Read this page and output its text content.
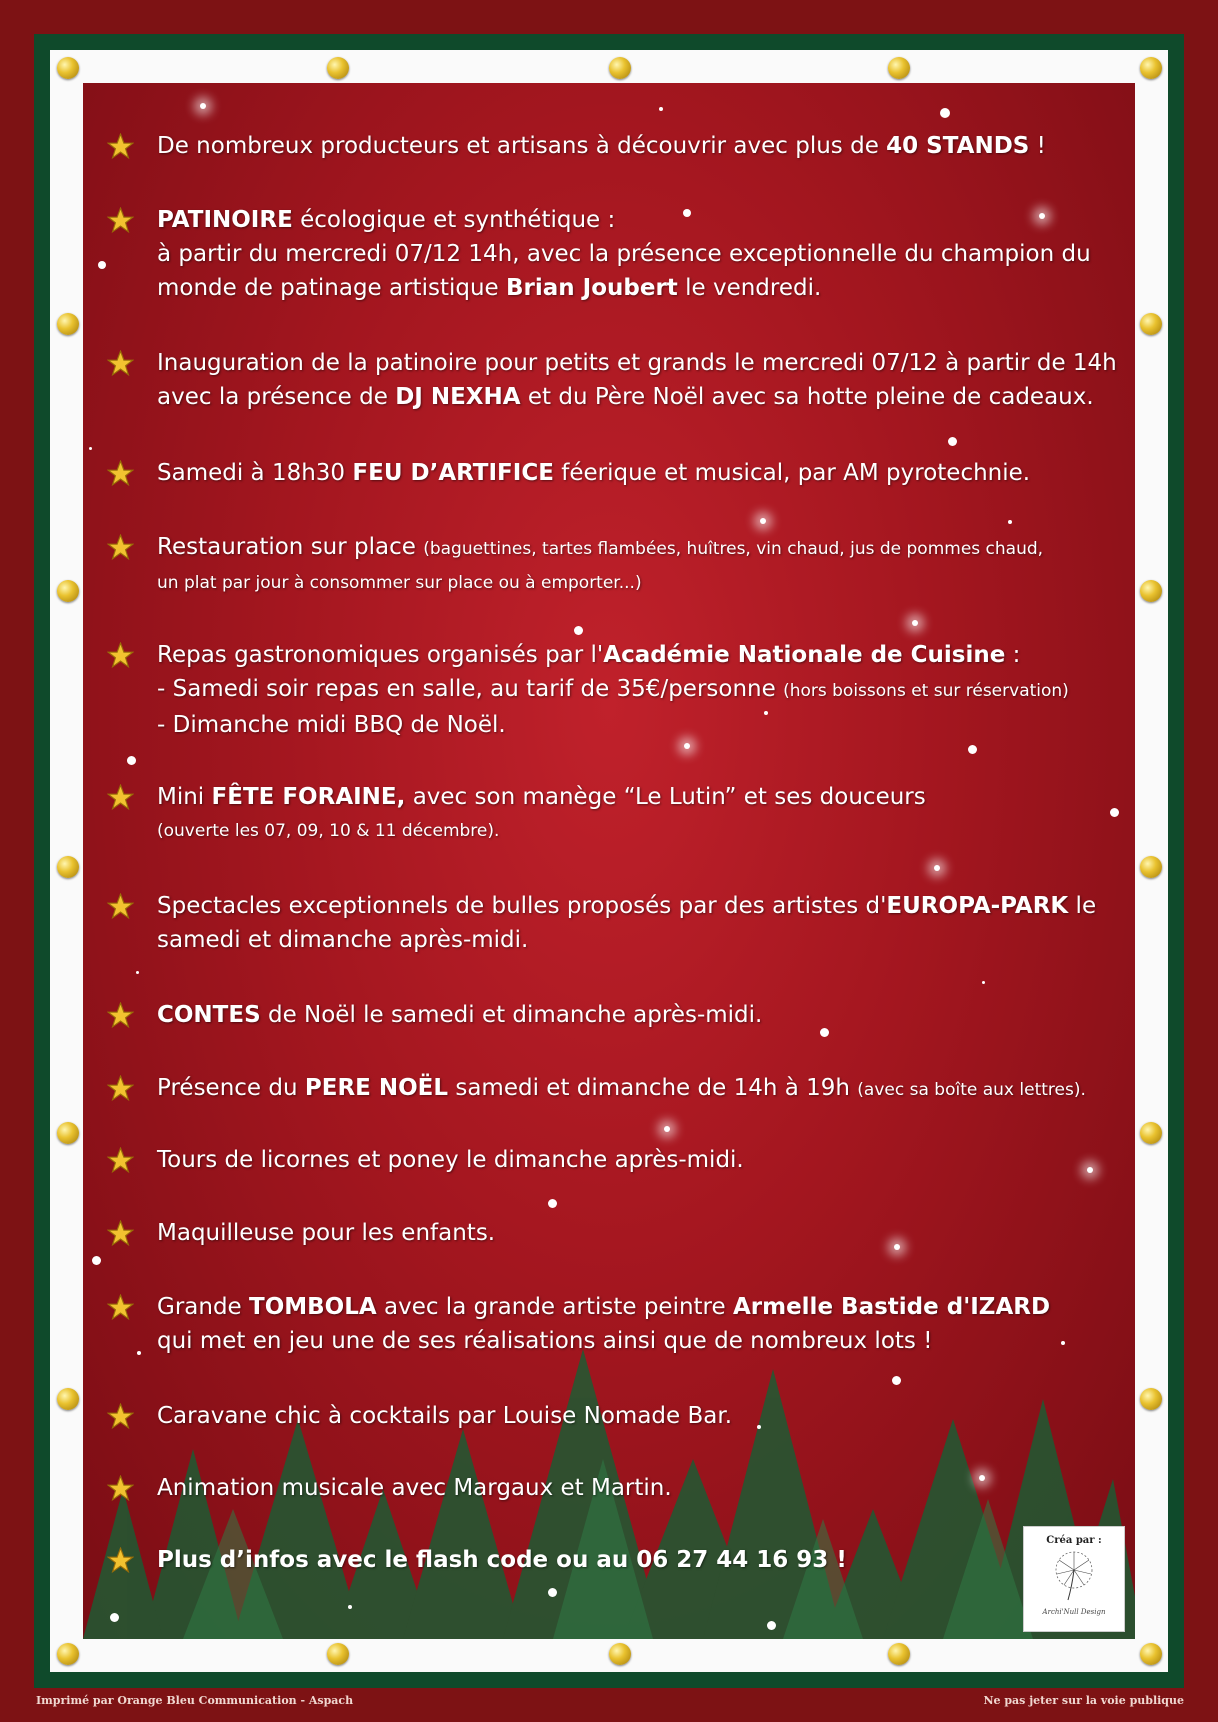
De nombreux producteurs et artisans à découvrir avec plus de 40 STANDS !
PATINOIRE écologique et synthétique :
à partir du mercredi 07/12 14h, avec la présence exceptionnelle du champion du
monde de patinage artistique Brian Joubert le vendredi.
Inauguration de la patinoire pour petits et grands le mercredi 07/12 à partir de 14h
avec la présence de DJ NEXHA et du Père Noël avec sa hotte pleine de cadeaux.
Samedi à 18h30 FEU D’ARTIFICE féerique et musical, par AM pyrotechnie.
Restauration sur place (baguettines, tartes flambées, huîtres, vin chaud, jus de pommes chaud,
un plat par jour à consommer sur place ou à emporter...)
Repas gastronomiques organisés par l'Académie Nationale de Cuisine :
- Samedi soir repas en salle, au tarif de 35€/personne (hors boissons et sur réservation)
- Dimanche midi BBQ de Noël.
Mini FÊTE FORAINE, avec son manège “Le Lutin” et ses douceurs
(ouverte les 07, 09, 10 & 11 décembre).
Spectacles exceptionnels de bulles proposés par des artistes d'EUROPA-PARK le
samedi et dimanche après-midi.
CONTES de Noël le samedi et dimanche après-midi.
Présence du PERE NOËL samedi et dimanche de 14h à 19h (avec sa boîte aux lettres).
Tours de licornes et poney le dimanche après-midi.
Maquilleuse pour les enfants.
Grande TOMBOLA avec la grande artiste peintre Armelle Bastide d'IZARD
qui met en jeu une de ses réalisations ainsi que de nombreux lots !
Caravane chic à cocktails par Louise Nomade Bar.
Animation musicale avec Margaux et Martin.
Plus d’infos avec le flash code ou au 06 27 44 16 93 !
Créa par :
Archi'Null Design
Imprimé par Orange Bleu Communication - Aspach	Ne pas jeter sur la voie publique
